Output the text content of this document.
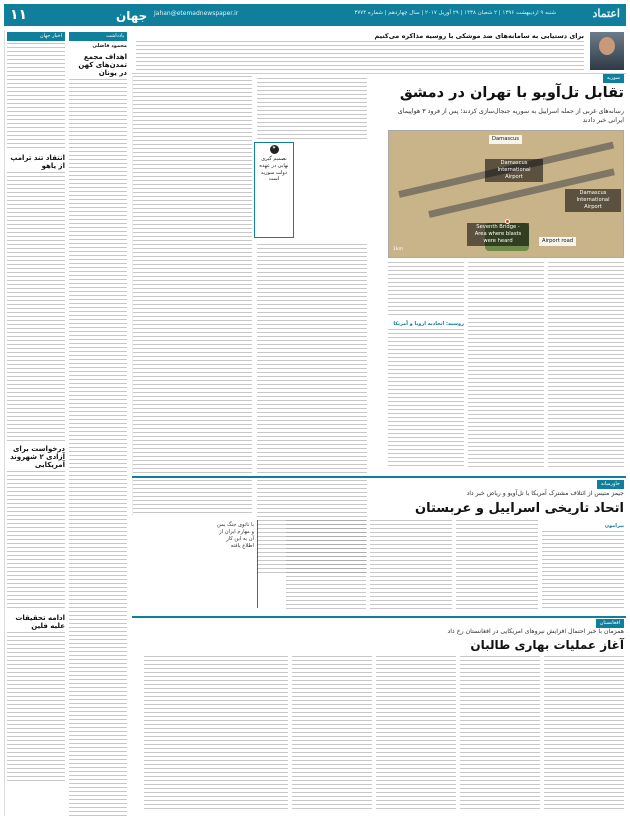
اعتماد
شنبه ۹ اردیبهشت ۱۳۹۶ | ۲ شعبان ۱۴۳۸ | ۲۹ آوریل ۲۰۱۷ | سال چهاردهم | شماره ۳۷۷۴
Jahan@etemadnewspaper.ir
جهان
۱۱
برای دستیابی به سامانه‌های ضد موشکی با روسیه مذاکره می‌کنیم
یادداشت
محمود فاضلی
اهداف مجمع تمدن‌های کهن در یونان
اخبار جهان
انتقاد تند ترامپ از یاهو
درخواست برای آزادی ۲ شهروند آمریکایی
ادامه تحقیقات علیه فلین
❞
تصمیم گیری نهایی در عهده دولت سوریه است
سوریه
تقابل تل‌آویو با تهران در دمشق
رسانه‌های غربی از حمله اسراییل به سوریه جنجال‌سازی کردند؛ پس از فرود ۳ هواپیمای ایرانی خبر دادند
Damascus
Damascus International Airport
Damascus International Airport
Seventh Bridge - Area where blasts were heard	Airport road
1km
روسیه: اتحادیه اروپا و آمریکا
خاورمیانه
جیمز متیس از ائتلاف مشترک آمریکا با تل‌آویو و ریاض خبر داد
اتحاد تاریخی اسراییل و عربستان
پیرامون
با ناتوی جنگ یمن و مهارم ایران از آن به این کار اطلاع یافته
افغانستان
همزمان با خبر احتمال افزایش نیروهای امریکایی در افغانستان رخ داد
آغاز عملیات بهاری طالبان
